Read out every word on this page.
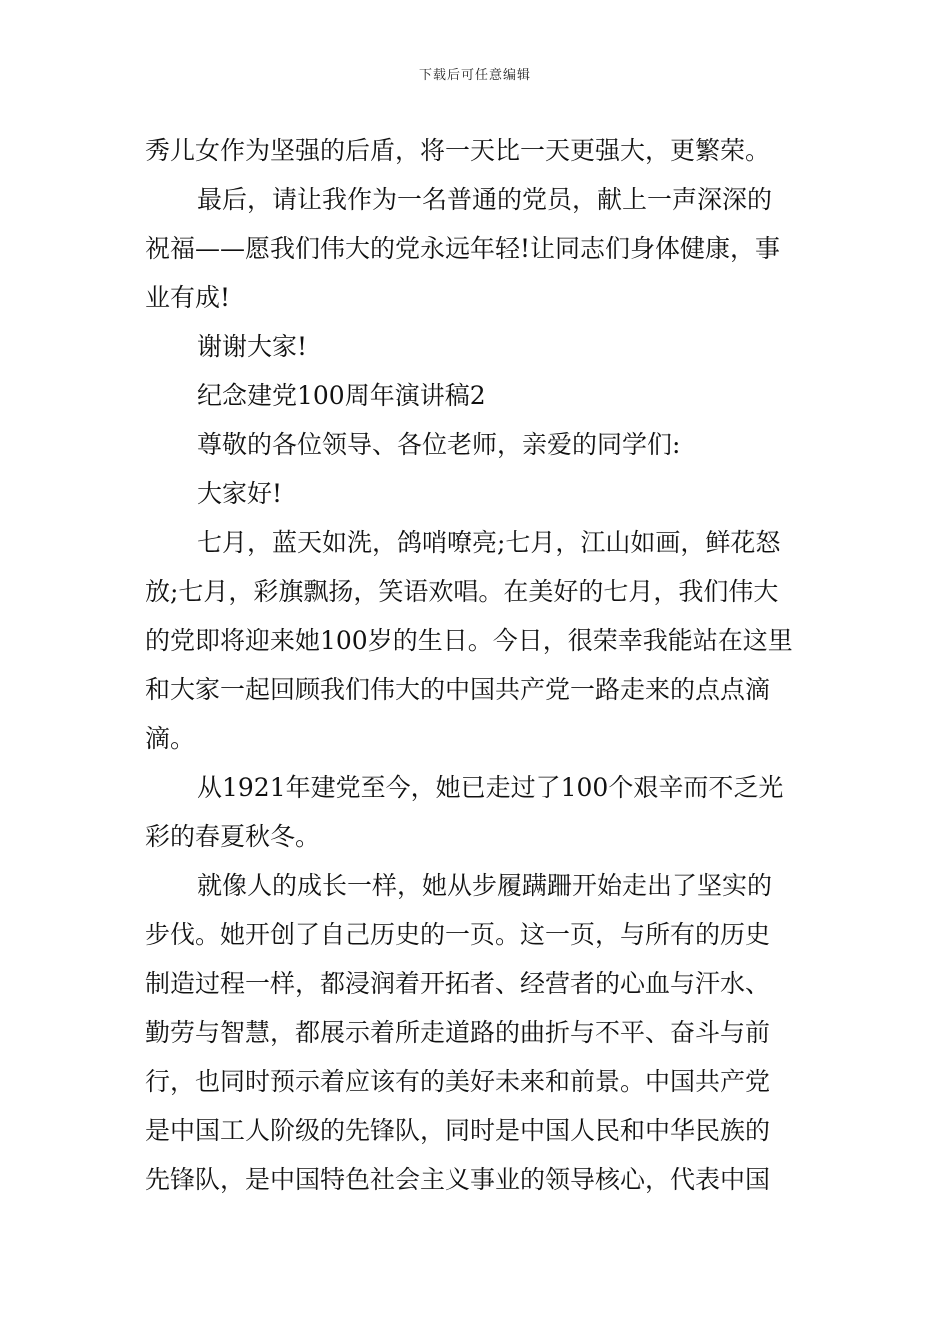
下载后可任意编辑
秀儿女作为坚强的后盾，将一天比一天更强大，更繁荣。
最后，请让我作为一名普通的党员，献上一声深深的
祝福——愿我们伟大的党永远年轻!让同志们身体健康，事
业有成!
谢谢大家!
纪念建党100周年演讲稿2
尊敬的各位领导、各位老师，亲爱的同学们:
大家好!
七月，蓝天如洗，鸽哨嘹亮;七月，江山如画，鲜花怒
放;七月，彩旗飘扬，笑语欢唱。在美好的七月，我们伟大
的党即将迎来她100岁的生日。今日，很荣幸我能站在这里
和大家一起回顾我们伟大的中国共产党一路走来的点点滴
滴。
从1921年建党至今，她已走过了100个艰辛而不乏光
彩的春夏秋冬。
就像人的成长一样，她从步履蹒跚开始走出了坚实的
步伐。她开创了自己历史的一页。这一页，与所有的历史
制造过程一样，都浸润着开拓者、经营者的心血与汗水、
勤劳与智慧，都展示着所走道路的曲折与不平、奋斗与前
行，也同时预示着应该有的美好未来和前景。中国共产党
是中国工人阶级的先锋队，同时是中国人民和中华民族的
先锋队，是中国特色社会主义事业的领导核心，代表中国
